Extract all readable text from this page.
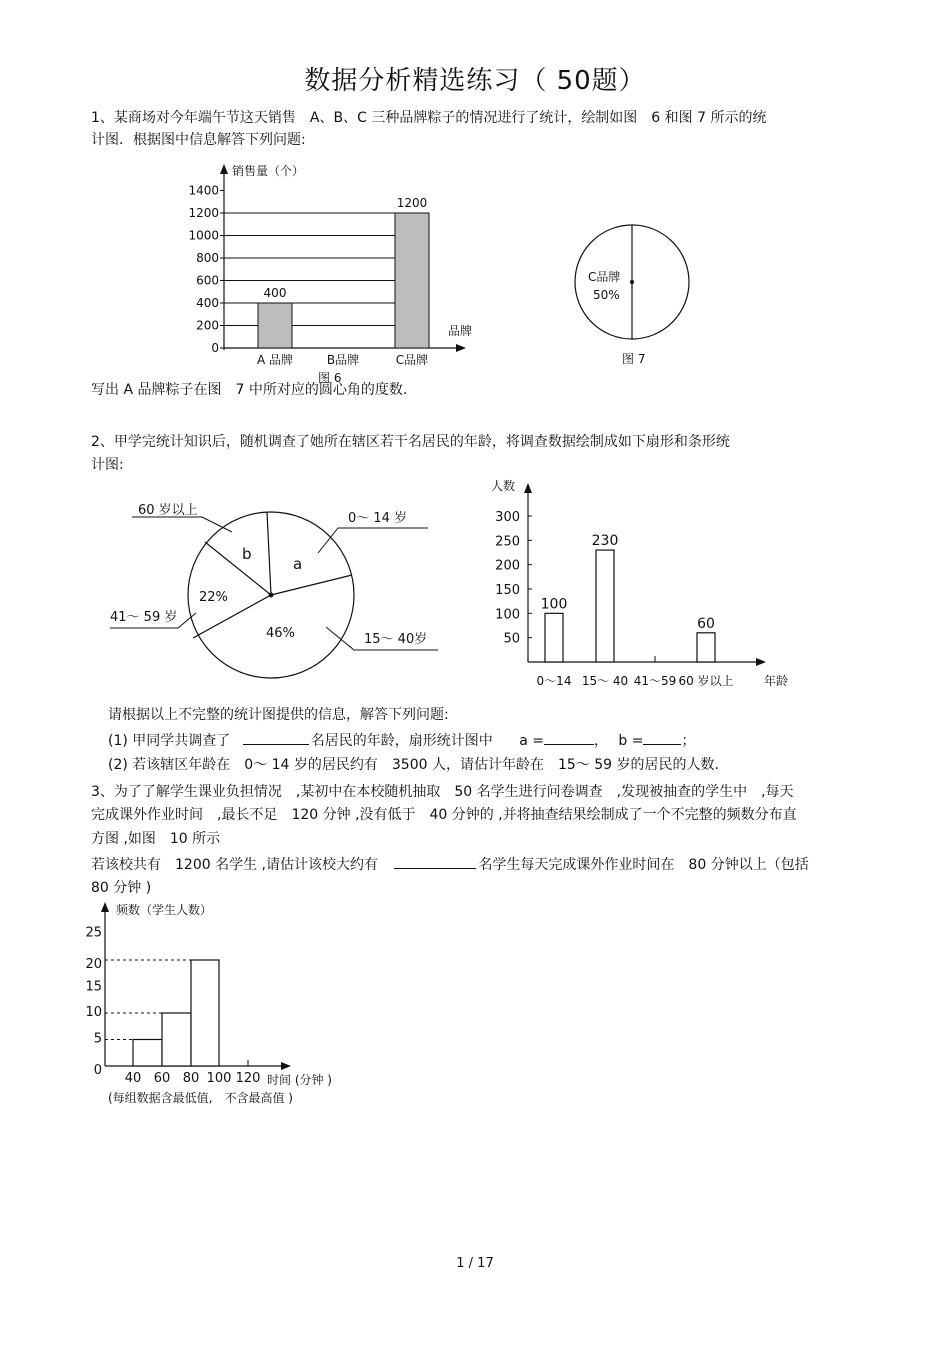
数据分析精选练习（ 50题）
1、某商场对今年端午节这天销售　A、B、C 三种品牌粽子的情况进行了统计，绘制如图　6 和图 7 所示的统
计图．根据图中信息解答下列问题:
销售量（个）
0
200
400
600
800
1000
1200
1400
400
1200
A 品牌	B品牌	C品牌
品牌
图 6
C品牌
50%
图 7
写出 A 品牌粽子在图　7 中所对应的圆心角的度数.
2、甲学完统计知识后，随机调查了她所在辖区若干名居民的年龄，将调查数据绘制成如下扇形和条形统
计图:
60 岁以上
0～ 14 岁
41～ 59 岁
15～ 40岁
a
b
22%
46%
人数
50
100
150
200
250
300
100
230
60
0～14 15～ 40 41～59 60 岁以上	年龄
请根据以上不完整的统计图提供的信息，解答下列问题:
(1) 甲同学共调查了	名居民的年龄，扇形统计图中 a =	， b =	；
(2) 若该辖区年龄在　0～ 14 岁的居民约有　3500 人，请估计年龄在　15～ 59 岁的居民的人数.
3、为了了解学生课业负担情况　,某初中在本校随机抽取　50 名学生进行问卷调查　,发现被抽查的学生中　,每天
完成课外作业时间　,最长不足　120 分钟 ,没有低于　40 分钟的 ,并将抽查结果绘制成了一个不完整的频数分布直
方图 ,如图　10 所示
若该校共有　1200 名学生 ,请估计该校大约有	名学生每天完成课外作业时间在　80 分钟以上（包括
80 分钟 )
频数（学生人数）
0
5
10
15
20
25
40 60 80 100 120 时间 (分钟 )
(每组数据含最低值,　不含最高值 )
1 / 17
